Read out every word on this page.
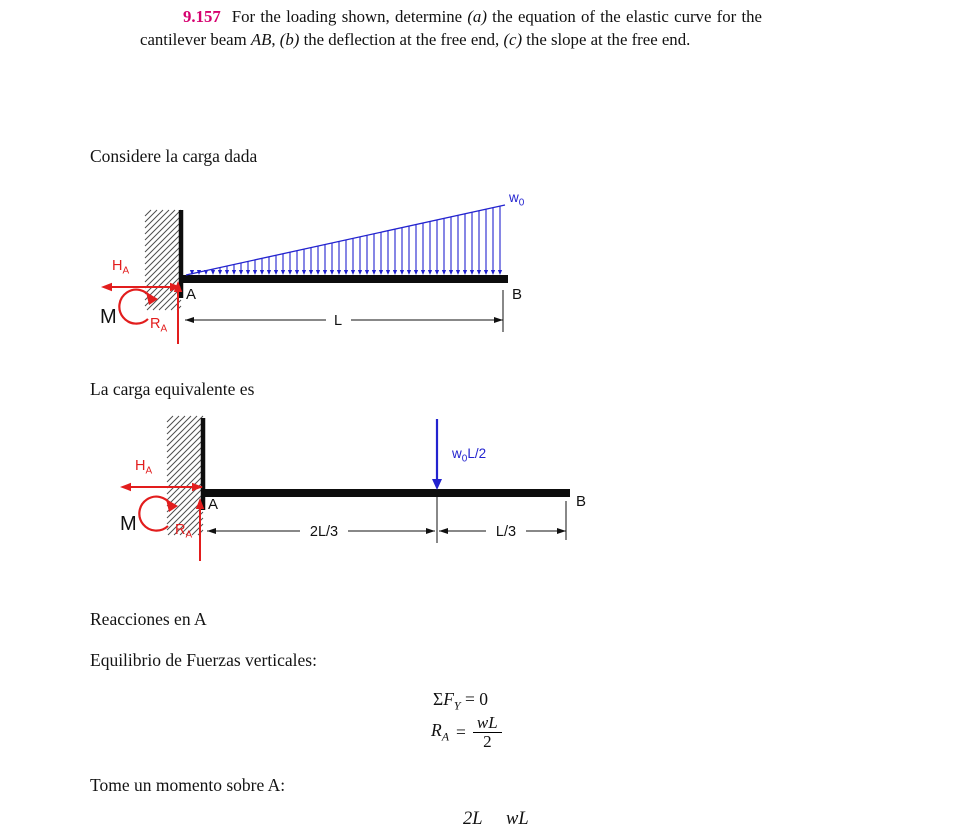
9.157 For the loading shown, determine (a) the equation of the elastic curve for the cantilever beam AB, (b) the deflection at the free end, (c) the slope at the free end.

Considere la carga dada

$w_0$
A	B
L
$H_A$
M $R_A$

La carga equivalente es

$w_0L/2$
A	B
2L/3	L/3
$H_A$
M	$R_A$

Reacciones en A

Equilibrio de Fuerzas verticales:

$\Sigma F_Y = 0$
$R_A = \frac{wL}{2}$

Tome un momento sobre A:

2L wL
